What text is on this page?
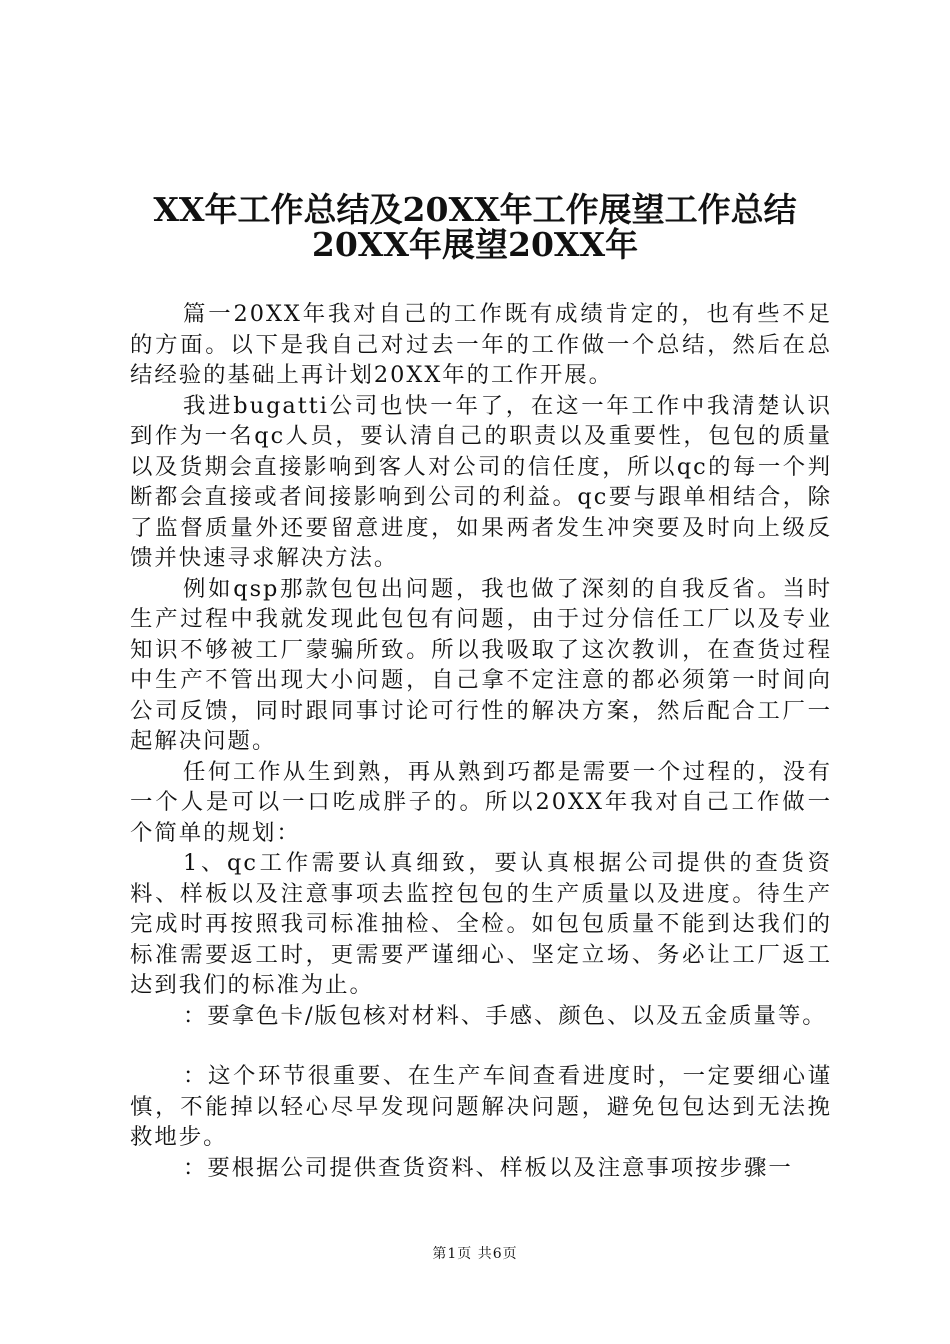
XX年工作总结及20XX年工作展望工作总结
20XX年展望20XX年

篇一20XX年我对自己的工作既有成绩肯定的，也有些不足的方面。以下是我自己对过去一年的工作做一个总结，然后在总结经验的基础上再计划20XX年的工作开展。

我进bugatti公司也快一年了，在这一年工作中我清楚认识到作为一名qc人员，要认清自己的职责以及重要性，包包的质量以及货期会直接影响到客人对公司的信任度，所以qc的每一个判断都会直接或者间接影响到公司的利益。qc要与跟单相结合，除了监督质量外还要留意进度，如果两者发生冲突要及时向上级反馈并快速寻求解决方法。

例如qsp那款包包出问题，我也做了深刻的自我反省。当时生产过程中我就发现此包包有问题，由于过分信任工厂以及专业知识不够被工厂蒙骗所致。所以我吸取了这次教训，在查货过程中生产不管出现大小问题，自己拿不定注意的都必须第一时间向公司反馈，同时跟同事讨论可行性的解决方案，然后配合工厂一起解决问题。

任何工作从生到熟，再从熟到巧都是需要一个过程的，没有一个人是可以一口吃成胖子的。所以20XX年我对自己工作做一个简单的规划：

1、qc工作需要认真细致，要认真根据公司提供的查货资料、样板以及注意事项去监控包包的生产质量以及进度。待生产完成时再按照我司标准抽检、全检。如包包质量不能到达我们的标准需要返工时，更需要严谨细心、坚定立场、务必让工厂返工达到我们的标准为止。

：要拿色卡/版包核对材料、手感、颜色、以及五金质量等。

：这个环节很重要、在生产车间查看进度时，一定要细心谨慎，不能掉以轻心尽早发现问题解决问题，避免包包达到无法挽救地步。

：要根据公司提供查货资料、样板以及注意事项按步骤一

第1页 共6页
